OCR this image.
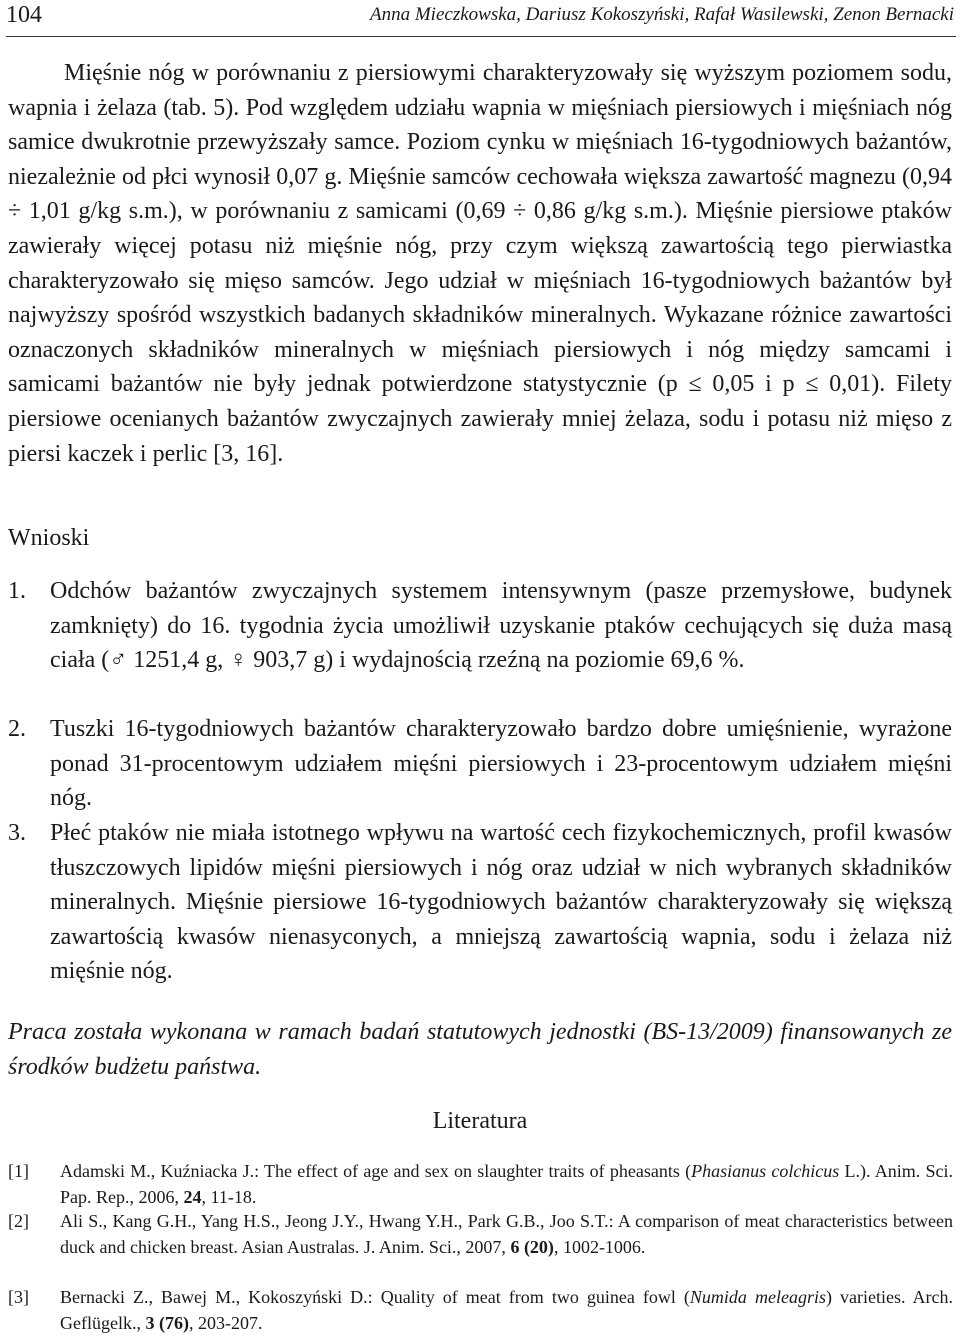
104	Anna Mieczkowska, Dariusz Kokoszyński, Rafał Wasilewski, Zenon Bernacki

Mięśnie nóg w porównaniu z piersiowymi charakteryzowały się wyższym poziomem sodu, wapnia i żelaza (tab. 5). Pod względem udziału wapnia w mięśniach piersiowych i mięśniach nóg samice dwukrotnie przewyższały samce. Poziom cynku w mięśniach 16-tygodniowych bażantów, niezależnie od płci wynosił 0,07 g. Mięśnie samców cechowała większa zawartość magnezu (0,94 ÷ 1,01 g/kg s.m.), w porównaniu z samicami (0,69 ÷ 0,86 g/kg s.m.). Mięśnie piersiowe ptaków zawierały więcej potasu niż mięśnie nóg, przy czym większą zawartością tego pierwiastka charakteryzowało się mięso samców. Jego udział w mięśniach 16-tygodniowych bażantów był najwyższy spośród wszystkich badanych składników mineralnych. Wykazane różnice zawartości oznaczonych składników mineralnych w mięśniach piersiowych i nóg między samcami i samicami bażantów nie były jednak potwierdzone statystycznie (p ≤ 0,05 i p ≤ 0,01). Filety piersiowe ocenianych bażantów zwyczajnych zawierały mniej żelaza, sodu i potasu niż mięso z piersi kaczek i perlic [3, 16].

Wnioski
1. Odchów bażantów zwyczajnych systemem intensywnym (pasze przemysłowe, budynek zamknięty) do 16. tygodnia życia umożliwił uzyskanie ptaków cechujących się duża masą ciała (♂ 1251,4 g, ♀ 903,7 g) i wydajnością rzeźną na poziomie 69,6 %.

2. Tuszki 16-tygodniowych bażantów charakteryzowało bardzo dobre umięśnienie, wyrażone ponad 31-procentowym udziałem mięśni piersiowych i 23-procentowym udziałem mięśni nóg.

3. Płeć ptaków nie miała istotnego wpływu na wartość cech fizykochemicznych, profil kwasów tłuszczowych lipidów mięśni piersiowych i nóg oraz udział w nich wybranych składników mineralnych. Mięśnie piersiowe 16-tygodniowych bażantów charakteryzowały się większą zawartością kwasów nienasyconych, a mniejszą zawartością wapnia, sodu i żelaza niż mięśnie nóg.

Praca została wykonana w ramach badań statutowych jednostki (BS-13/2009) finansowanych ze środków budżetu państwa.

Literatura
[1] Adamski M., Kuźniacka J.: The effect of age and sex on slaughter traits of pheasants (Phasianus colchicus L.). Anim. Sci. Pap. Rep., 2006, 24, 11-18.

[2] Ali S., Kang G.H., Yang H.S., Jeong J.Y., Hwang Y.H., Park G.B., Joo S.T.: A comparison of meat characteristics between duck and chicken breast. Asian Australas. J. Anim. Sci., 2007, 6 (20), 1002-1006.

[3] Bernacki Z., Bawej M., Kokoszyński D.: Quality of meat from two guinea fowl (Numida meleagris) varieties. Arch. Geflügelk., 3 (76), 203-207.
